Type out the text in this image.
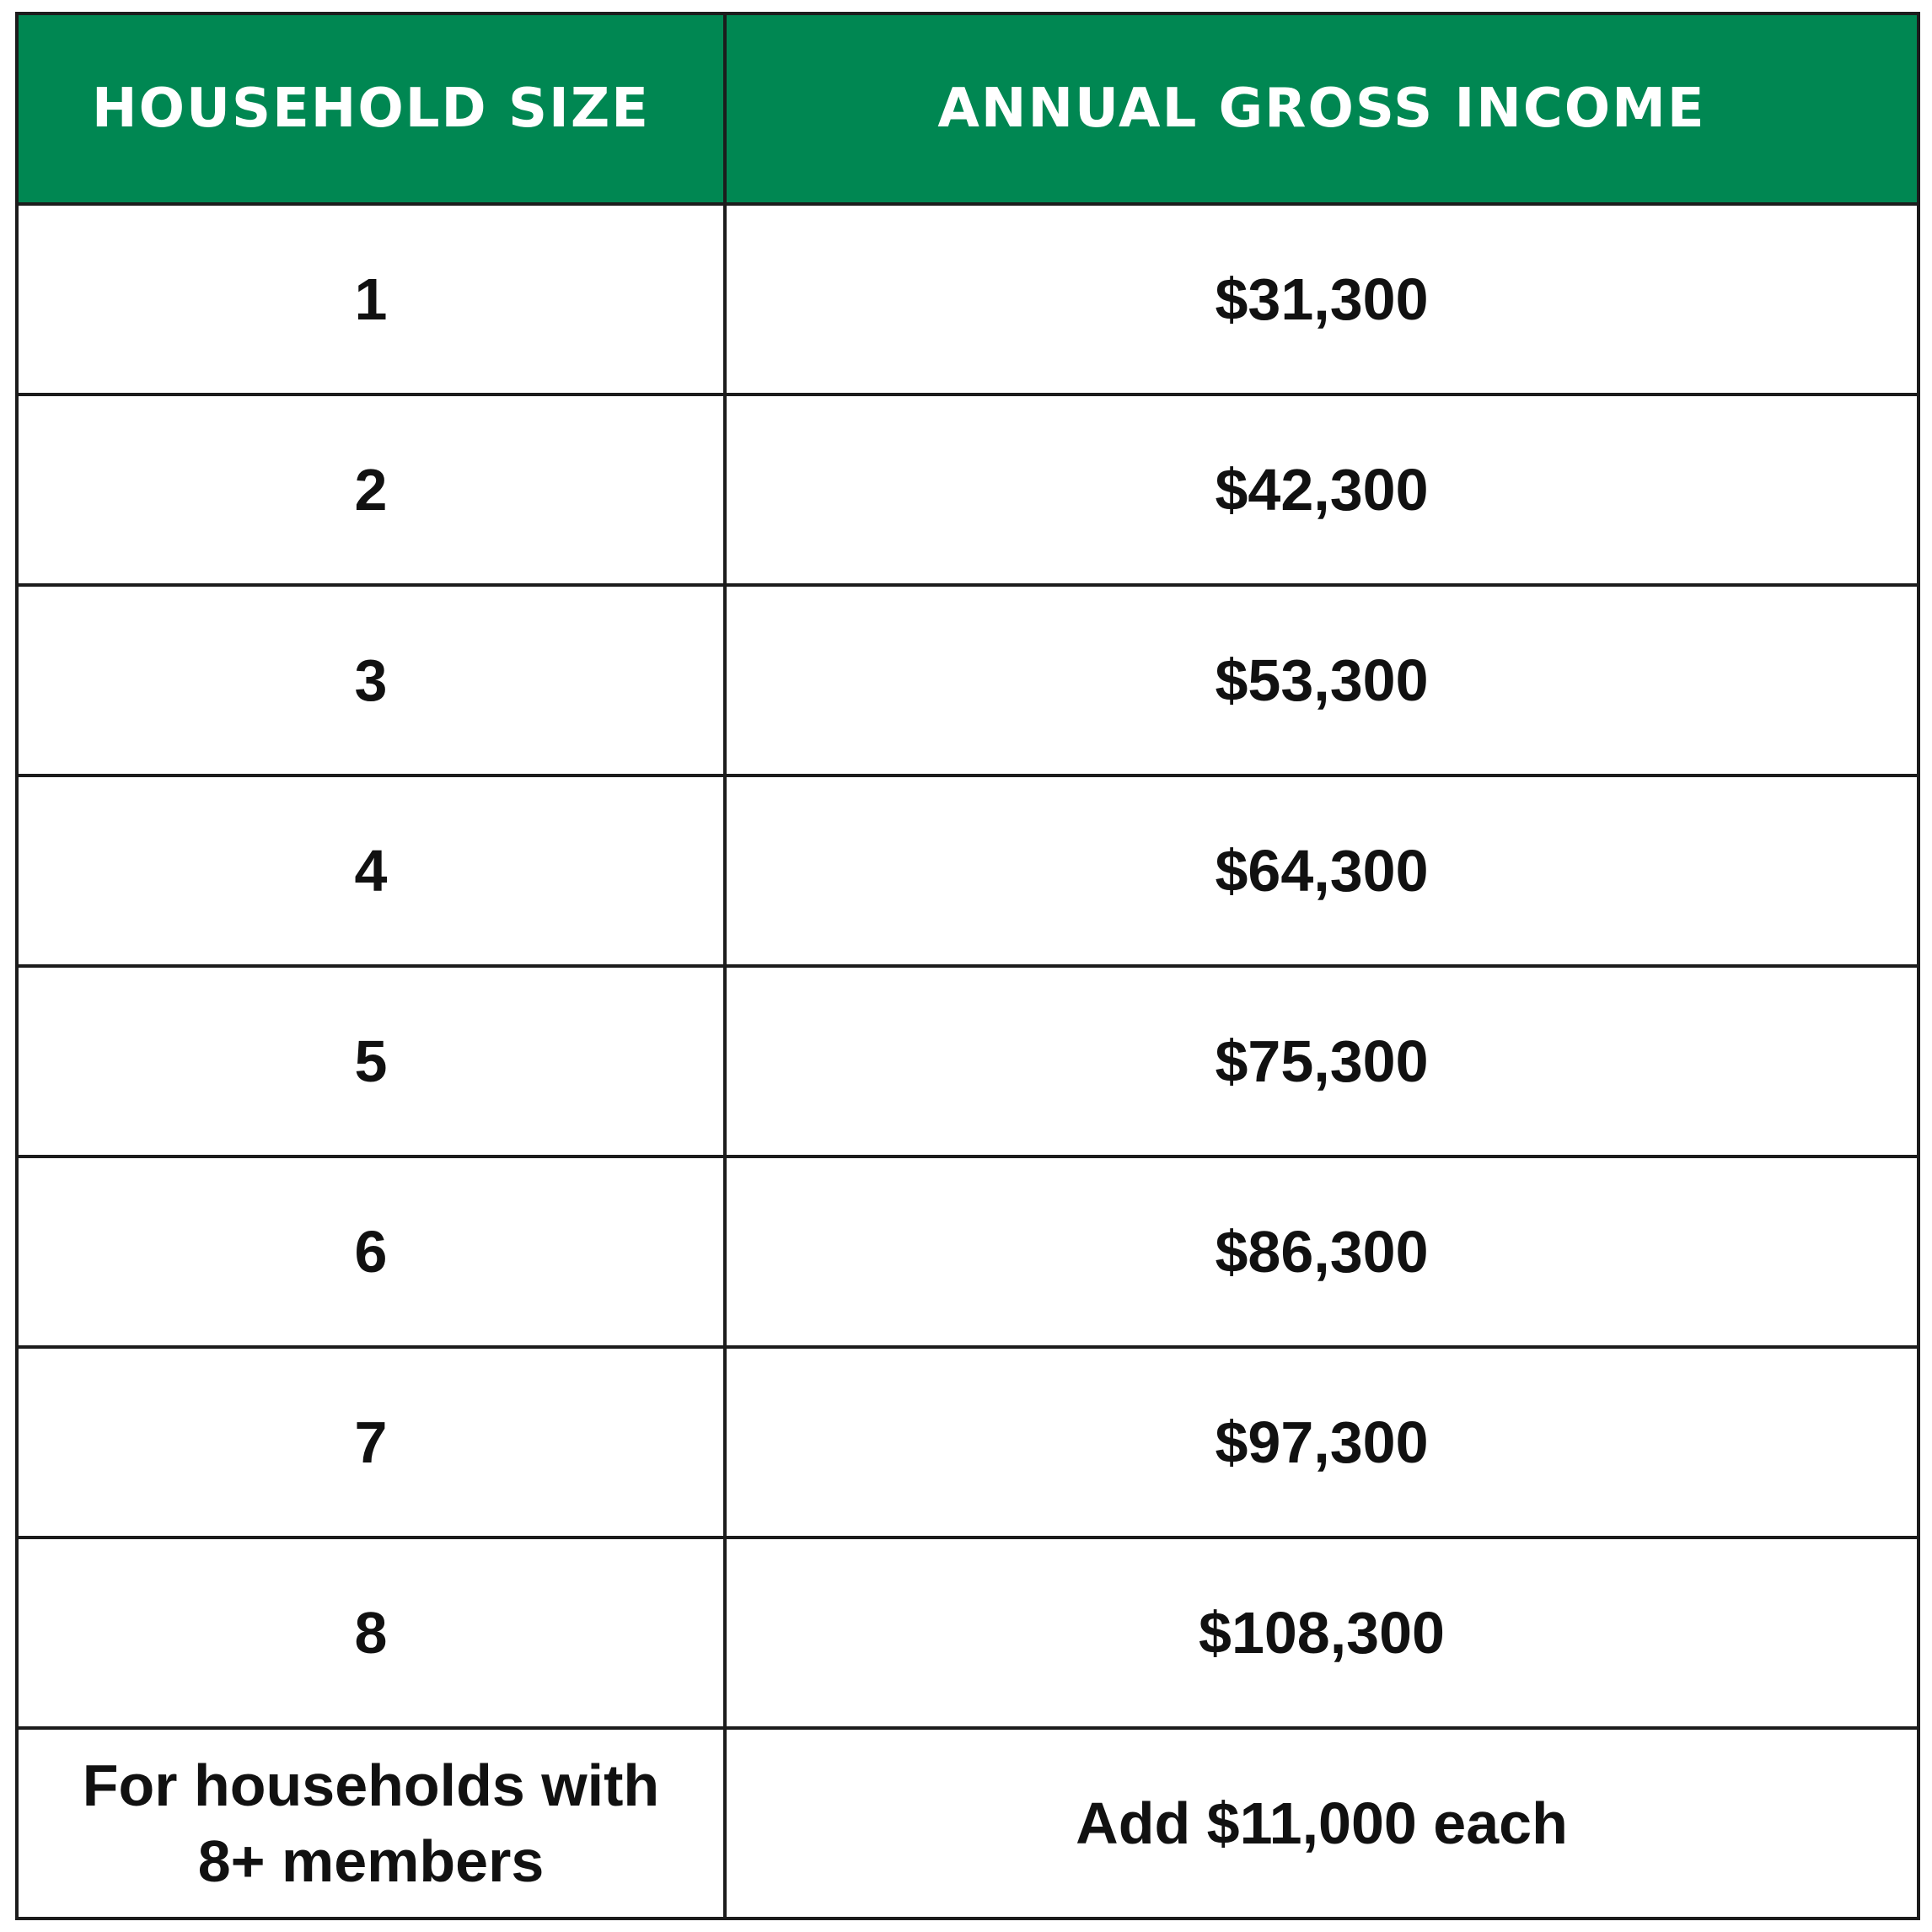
HOUSEHOLD SIZE	ANNUAL GROSS INCOME
1	$31,300
2	$42,300
3	$53,300
4	$64,300
5	$75,300
6	$86,300
7	$97,300
8	$108,300
For households with
8+ members	Add $11,000 each
